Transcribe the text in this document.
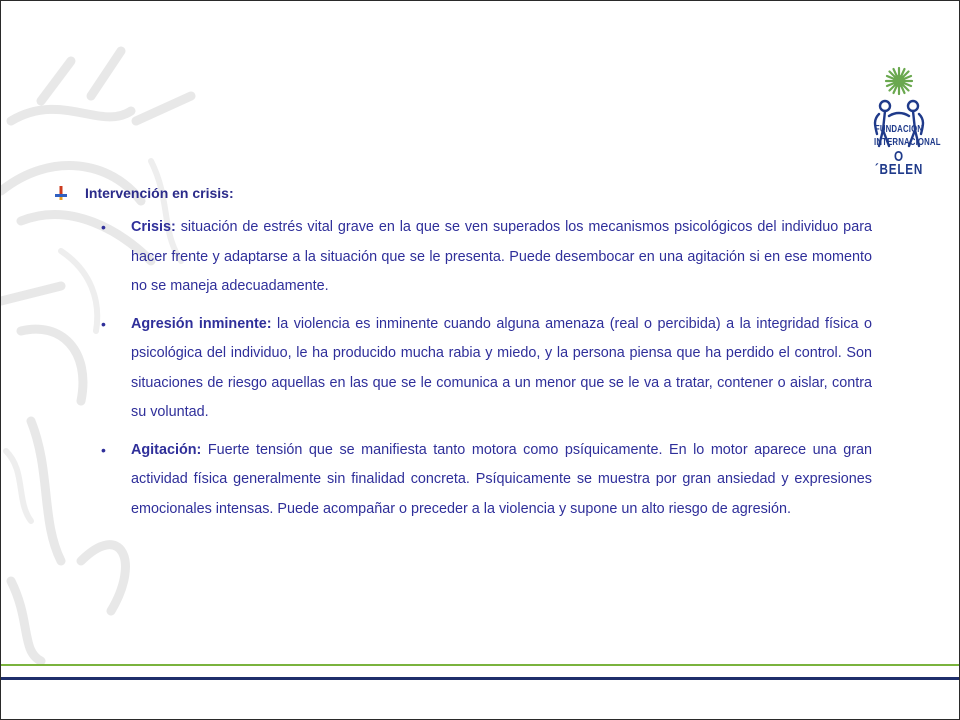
FUNDACIÓN
INTERNACIONAL
O´BELEN
Intervención en crisis:
• Crisis: situación de estrés vital grave en la que se ven superados los mecanismos psicológicos del individuo para hacer frente y adaptarse a la situación que se le presenta. Puede desembocar en una agitación si en ese momento no se maneja adecuadamente.
• Agresión inminente: la violencia es inminente cuando alguna amenaza (real o percibida) a la integridad física o psicológica del individuo, le ha producido mucha rabia y miedo, y la persona piensa que ha perdido el control. Son situaciones de riesgo aquellas en las que se le comunica a un menor que se le va a tratar, contener o aislar, contra su voluntad.
• Agitación: Fuerte tensión que se manifiesta tanto motora como psíquicamente. En lo motor aparece una gran actividad física generalmente sin finalidad concreta. Psíquicamente se muestra por gran ansiedad y expresiones emocionales intensas. Puede acompañar o preceder a la violencia y supone un alto riesgo de agresión.
